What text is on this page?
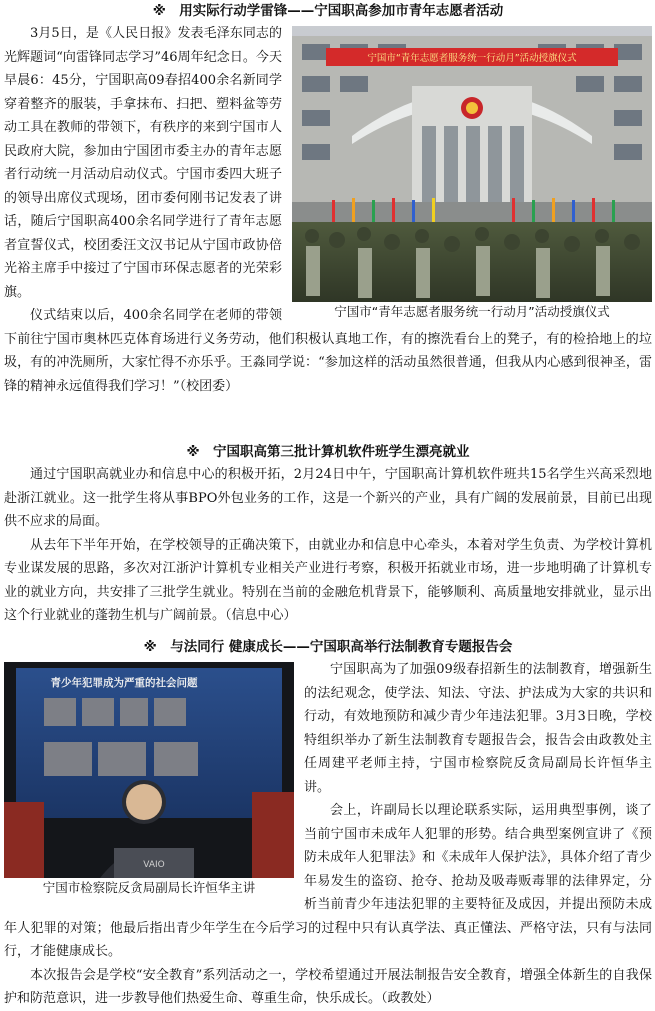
※　用实际行动学雷锋——宁国职高参加市青年志愿者活动
宁国市“青年志愿者服务统一行动月”活动授旗仪式
宁国市“青年志愿者服务统一行动月”活动授旗仪式

3月5日，是《人民日报》发表毛泽东同志的光辉题词“向雷锋同志学习”46周年纪念日。今天早晨6：45分，宁国职高09春招400余名新同学穿着整齐的服装，手拿抹布、扫把、塑料盆等劳动工具在教师的带领下，有秩序的来到宁国市人民政府大院，参加由宁国团市委主办的青年志愿者行动统一月活动启动仪式。宁国市委四大班子的领导出席仪式现场，团市委何刚书记发表了讲话，随后宁国职高400余名同学进行了青年志愿者宣誓仪式，校团委汪文汉书记从宁国市政协倍光裕主席手中接过了宁国市环保志愿者的光荣彩旗。

仪式结束以后，400余名同学在老师的带领下前往宁国市奥林匹克体育场进行义务劳动，他们积极认真地工作，有的擦洗看台上的凳子，有的检拾地上的垃圾，有的冲洗厕所，大家忙得不亦乐乎。王淼同学说：“参加这样的活动虽然很普通，但我从内心感到很神圣，雷锋的精神永远值得我们学习！”（校团委）

※　宁国职高第三批计算机软件班学生漂亮就业

通过宁国职高就业办和信息中心的积极开拓，2月24日中午，宁国职高计算机软件班共15名学生兴高采烈地赴浙江就业。这一批学生将从事BPO外包业务的工作，这是一个新兴的产业，具有广阔的发展前景，目前已出现供不应求的局面。

从去年下半年开始，在学校领导的正确决策下，由就业办和信息中心牵头，本着对学生负责、为学校计算机专业谋发展的思路，多次对江浙沪计算机专业相关产业进行考察，积极开拓就业市场，进一步地明确了计算机专业的就业方向，共安排了三批学生就业。特别在当前的金融危机背景下，能够顺利、高质量地安排就业，显示出这个行业就业的蓬勃生机与广阔前景。（信息中心）

※　与法同行 健康成长——宁国职高举行法制教育专题报告会
青少年犯罪成为严重的社会问题
VAIO
宁国市检察院反贪局副局长许恒华主讲

宁国职高为了加强09级春招新生的法制教育，增强新生的法纪观念，使学法、知法、守法、护法成为大家的共识和行动，有效地预防和减少青少年违法犯罪。3月3日晚，学校特组织举办了新生法制教育专题报告会，报告会由政教处主任周建平老师主持，宁国市检察院反贪局副局长许恒华主讲。

会上，许副局长以理论联系实际，运用典型事例，谈了当前宁国市未成年人犯罪的形势。结合典型案例宣讲了《预防未成年人犯罪法》和《未成年人保护法》，具体介绍了青少年易发生的盗窃、抢夺、抢劫及吸毒贩毒罪的法律界定，分析当前青少年违法犯罪的主要特征及成因，并提出预防未成年人犯罪的对策；他最后指出青少年学生在今后学习的过程中只有认真学法、真正懂法、严格守法，只有与法同行，才能健康成长。

本次报告会是学校“安全教育”系列活动之一，学校希望通过开展法制报告安全教育，增强全体新生的自我保护和防范意识，进一步教导他们热爱生命、尊重生命，快乐成长。（政教处）
